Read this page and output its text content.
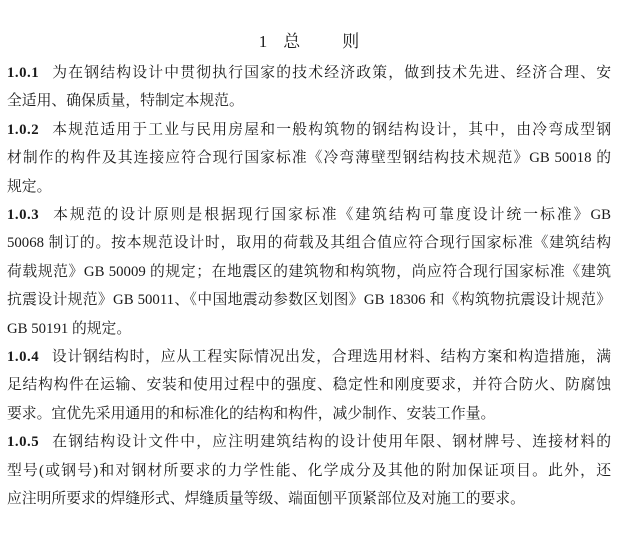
1 总 则
1.0.1 为在钢结构设计中贯彻执行国家的技术经济政策，做到技术先进、经济合理、安
全适用、确保质量，特制定本规范。
1.0.2 本规范适用于工业与民用房屋和一般构筑物的钢结构设计，其中，由冷弯成型钢
材制作的构件及其连接应符合现行国家标准《冷弯薄壁型钢结构技术规范》GB 50018 的
规定。
1.0.3 本规范的设计原则是根据现行国家标准《建筑结构可靠度设计统一标准》GB
50068 制订的。按本规范设计时，取用的荷载及其组合值应符合现行国家标准《建筑结构
荷载规范》GB 50009 的规定；在地震区的建筑物和构筑物，尚应符合现行国家标准《建筑
抗震设计规范》GB 50011、《中国地震动参数区划图》GB 18306 和《构筑物抗震设计规范》
GB 50191 的规定。
1.0.4 设计钢结构时，应从工程实际情况出发，合理选用材料、结构方案和构造措施，满
足结构构件在运输、安装和使用过程中的强度、稳定性和刚度要求，并符合防火、防腐蚀
要求。宜优先采用通用的和标准化的结构和构件，减少制作、安装工作量。
1.0.5 在钢结构设计文件中，应注明建筑结构的设计使用年限、钢材牌号、连接材料的
型号(或钢号)和对钢材所要求的力学性能、化学成分及其他的附加保证项目。此外，还
应注明所要求的焊缝形式、焊缝质量等级、端面刨平顶紧部位及对施工的要求。
